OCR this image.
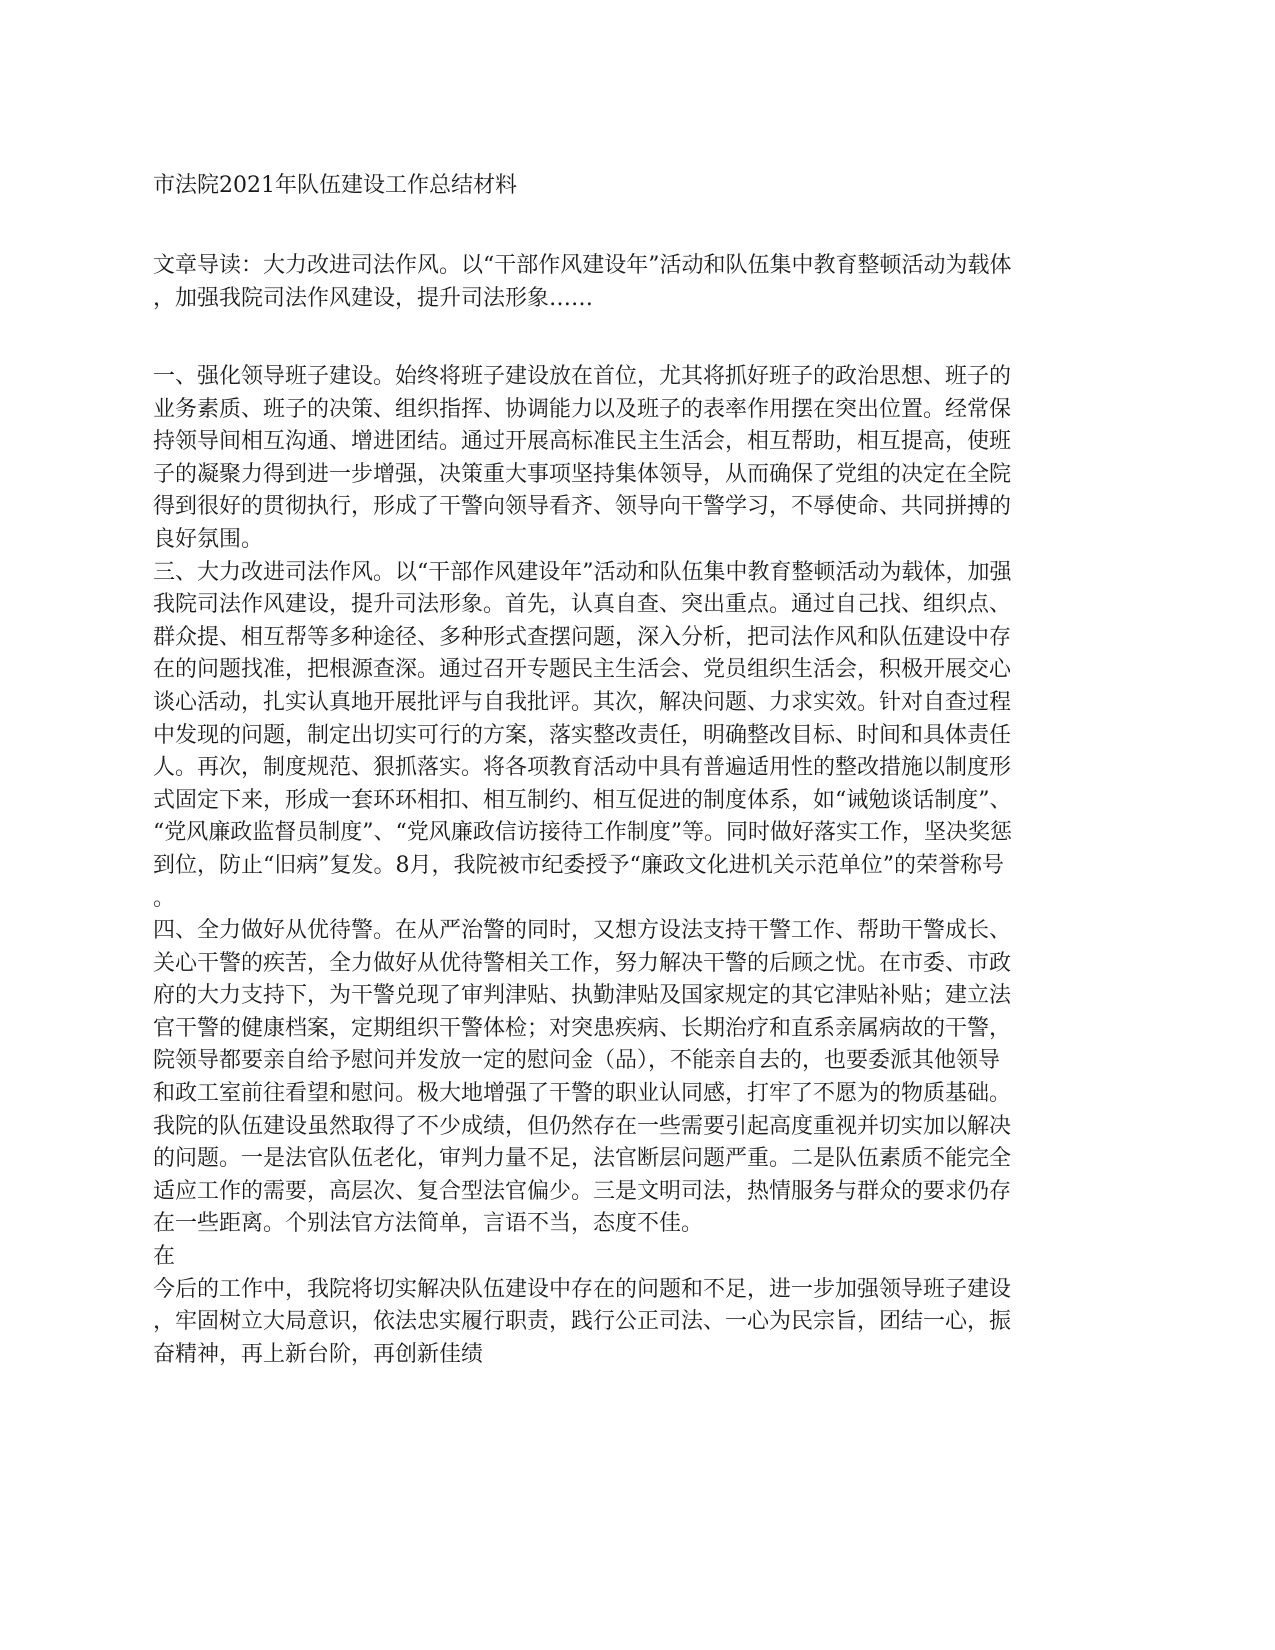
市法院2021年队伍建设工作总结材料
文章导读：大力改进司法作风。以“干部作风建设年”活动和队伍集中教育整顿活动为载体
，加强我院司法作风建设，提升司法形象……
一、强化领导班子建设。始终将班子建设放在首位，尤其将抓好班子的政治思想、班子的
业务素质、班子的决策、组织指挥、协调能力以及班子的表率作用摆在突出位置。经常保
持领导间相互沟通、增进团结。通过开展高标准民主生活会，相互帮助，相互提高，使班
子的凝聚力得到进一步增强，决策重大事项坚持集体领导，从而确保了党组的决定在全院
得到很好的贯彻执行，形成了干警向领导看齐、领导向干警学习，不辱使命、共同拼搏的
良好氛围。
三、大力改进司法作风。以“干部作风建设年”活动和队伍集中教育整顿活动为载体，加强
我院司法作风建设，提升司法形象。首先，认真自查、突出重点。通过自己找、组织点、
群众提、相互帮等多种途径、多种形式查摆问题，深入分析，把司法作风和队伍建设中存
在的问题找准，把根源查深。通过召开专题民主生活会、党员组织生活会，积极开展交心
谈心活动，扎实认真地开展批评与自我批评。其次，解决问题、力求实效。针对自查过程
中发现的问题，制定出切实可行的方案，落实整改责任，明确整改目标、时间和具体责任
人。再次，制度规范、狠抓落实。将各项教育活动中具有普遍适用性的整改措施以制度形
式固定下来，形成一套环环相扣、相互制约、相互促进的制度体系，如“诫勉谈话制度”、
“党风廉政监督员制度”、“党风廉政信访接待工作制度”等。同时做好落实工作，坚决奖惩
到位，防止“旧病”复发。8月，我院被市纪委授予“廉政文化进机关示范单位”的荣誉称号
。
四、全力做好从优待警。在从严治警的同时，又想方设法支持干警工作、帮助干警成长、
关心干警的疾苦，全力做好从优待警相关工作，努力解决干警的后顾之忧。在市委、市政
府的大力支持下，为干警兑现了审判津贴、执勤津贴及国家规定的其它津贴补贴；建立法
官干警的健康档案，定期组织干警体检；对突患疾病、长期治疗和直系亲属病故的干警，
院领导都要亲自给予慰问并发放一定的慰问金（品），不能亲自去的，也要委派其他领导
和政工室前往看望和慰问。极大地增强了干警的职业认同感，打牢了不愿为的物质基础。
我院的队伍建设虽然取得了不少成绩，但仍然存在一些需要引起高度重视并切实加以解决
的问题。一是法官队伍老化，审判力量不足，法官断层问题严重。二是队伍素质不能完全
适应工作的需要，高层次、复合型法官偏少。三是文明司法，热情服务与群众的要求仍存
在一些距离。个别法官方法简单，言语不当，态度不佳。
在
今后的工作中，我院将切实解决队伍建设中存在的问题和不足，进一步加强领导班子建设
，牢固树立大局意识，依法忠实履行职责，践行公正司法、一心为民宗旨，团结一心，振
奋精神，再上新台阶，再创新佳绩
